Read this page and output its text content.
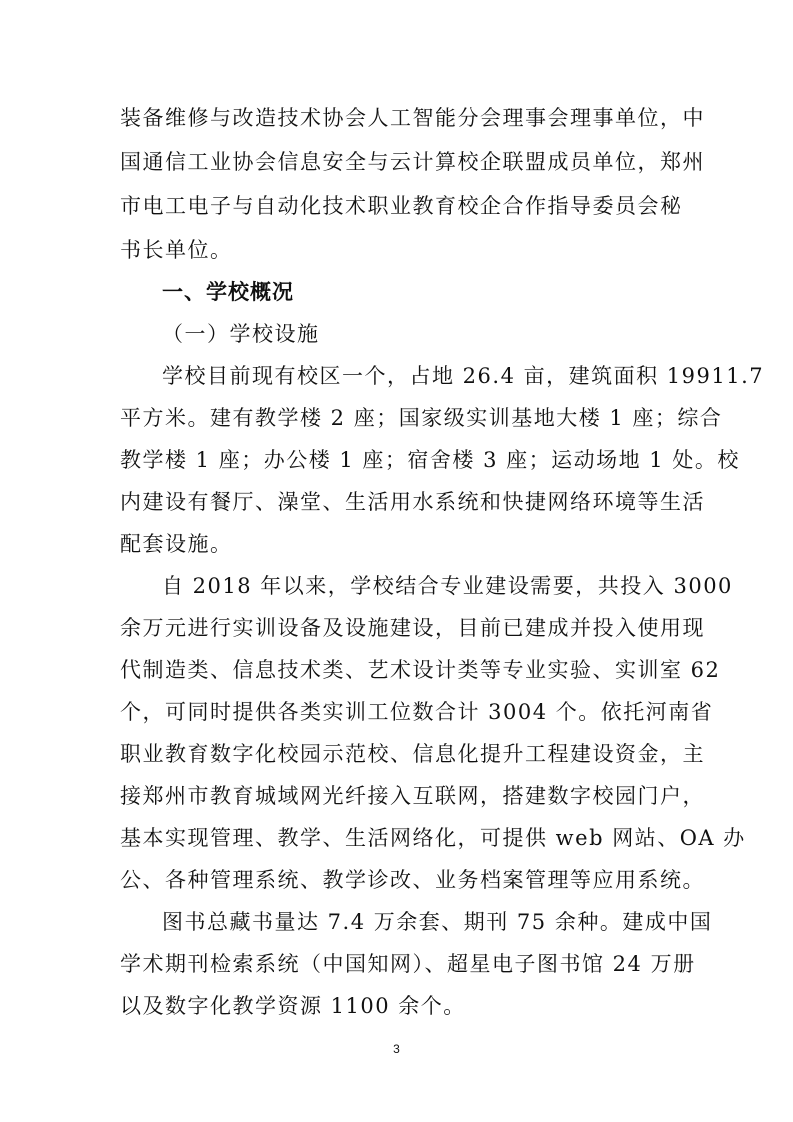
装备维修与改造技术协会人工智能分会理事会理事单位，中
国通信工业协会信息安全与云计算校企联盟成员单位，郑州
市电工电子与自动化技术职业教育校企合作指导委员会秘
书长单位。
一、学校概况
（一）学校设施
学校目前现有校区一个，占地 26.4 亩，建筑面积 19911.7
平方米。建有教学楼 2 座；国家级实训基地大楼 1 座；综合
教学楼 1 座；办公楼 1 座；宿舍楼 3 座；运动场地 1 处。校
内建设有餐厅、澡堂、生活用水系统和快捷网络环境等生活
配套设施。
自 2018 年以来，学校结合专业建设需要，共投入 3000
余万元进行实训设备及设施建设，目前已建成并投入使用现
代制造类、信息技术类、艺术设计类等专业实验、实训室 62
个，可同时提供各类实训工位数合计 3004 个。依托河南省
职业教育数字化校园示范校、信息化提升工程建设资金，主
接郑州市教育城域网光纤接入互联网，搭建数字校园门户，
基本实现管理、教学、生活网络化，可提供 web 网站、OA 办
公、各种管理系统、教学诊改、业务档案管理等应用系统。
图书总藏书量达 7.4 万余套、期刊 75 余种。建成中国
学术期刊检索系统（中国知网）、超星电子图书馆 24 万册
以及数字化教学资源 1100 余个。
3
